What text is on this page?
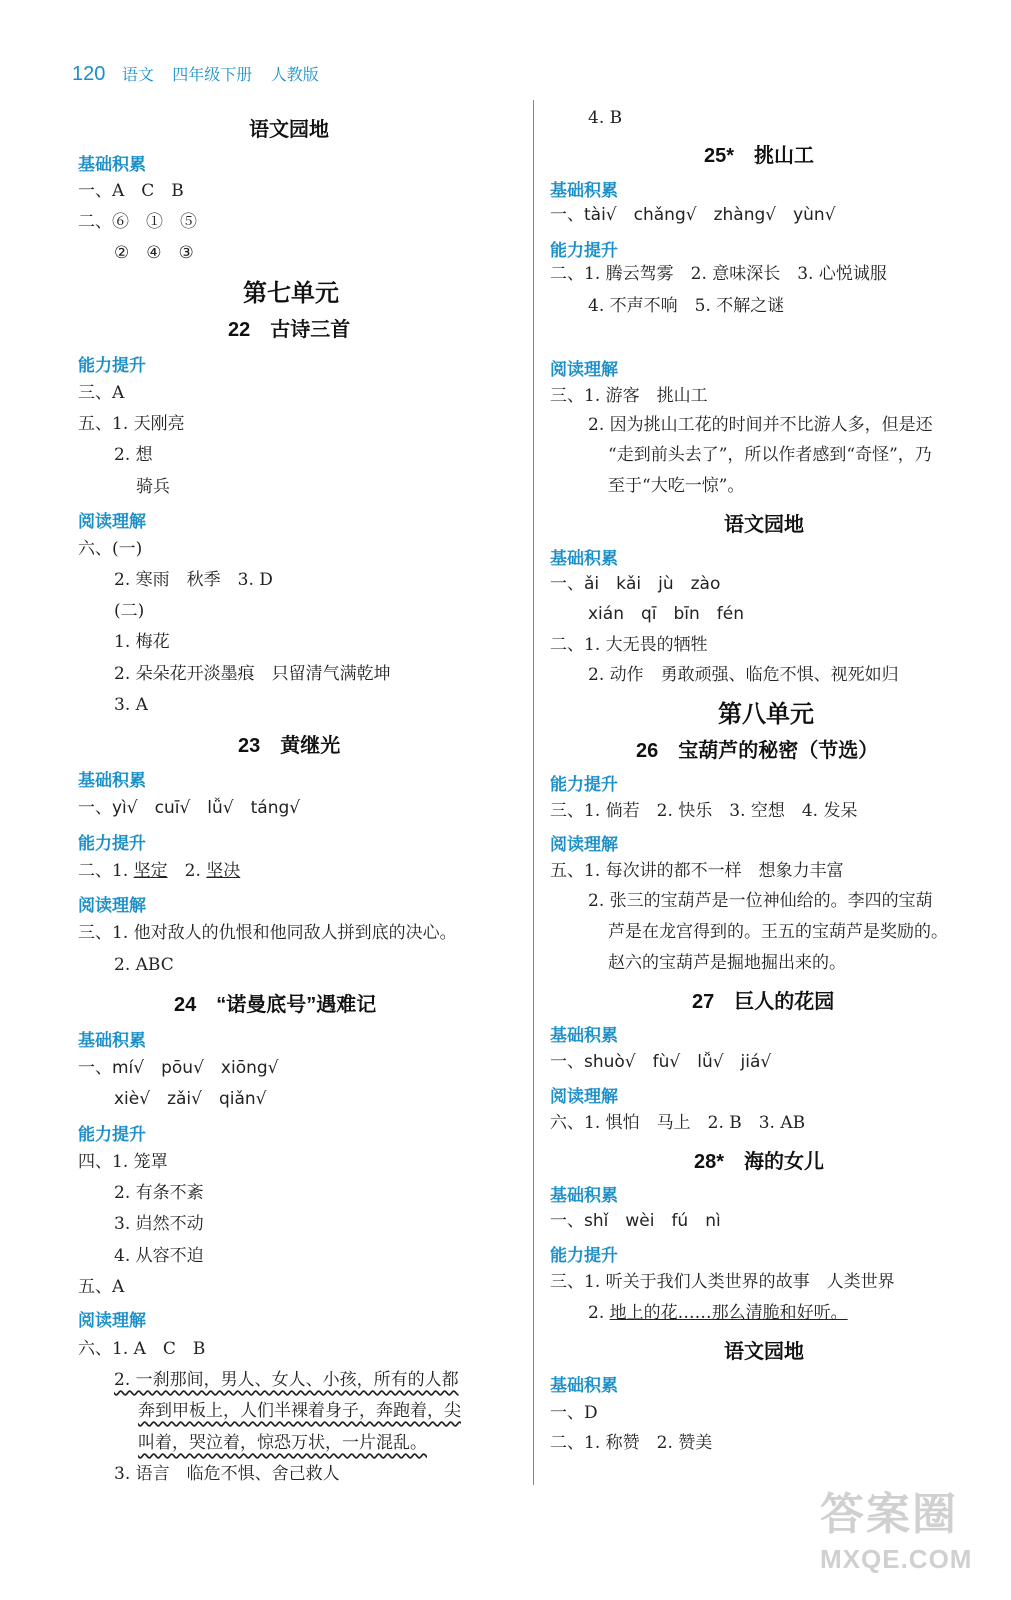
120 语文 四年级下册 人教版
语文园地
基础积累
一、A　C　B
二、⑥　①　⑤
②　④　③
第七单元
22　古诗三首
能力提升
三、A
五、1. 天刚亮
2. 想
骑兵
阅读理解
六、(一)
2. 寒雨　秋季　3. D
(二)
1. 梅花
2. 朵朵花开淡墨痕　只留清气满乾坤
3. A
23　黄继光
基础积累
一、yì√　cuī√　lǚ√　táng√
能力提升
二、1. 坚定　2. 坚决
阅读理解
三、1. 他对敌人的仇恨和他同敌人拼到底的决心。
2. ABC
24　“诺曼底号”遇难记
基础积累
一、mí√　pōu√　xiōng√
xiè√　zǎi√　qiǎn√
能力提升
四、1. 笼罩
2. 有条不紊
3. 岿然不动
4. 从容不迫
五、A
阅读理解
六、1. A　C　B
2. 一刹那间，男人、女人、小孩，所有的人都
奔到甲板上，人们半裸着身子，奔跑着，尖
叫着，哭泣着，惊恐万状，一片混乱。
3. 语言　临危不惧、舍己救人
4. B
25*　挑山工
基础积累
一、tài√　chǎng√　zhàng√　yùn√
能力提升
二、1. 腾云驾雾　2. 意味深长　3. 心悦诚服
4. 不声不响　5. 不解之谜
阅读理解
三、1. 游客　挑山工
2. 因为挑山工花的时间并不比游人多，但是还
“走到前头去了”，所以作者感到“奇怪”，乃
至于“大吃一惊”。
语文园地
基础积累
一、ǎi　kǎi　jù　zào
xián　qī　bīn　fén
二、1. 大无畏的牺牲
2. 动作　勇敢顽强、临危不惧、视死如归
第八单元
26　宝葫芦的秘密（节选）
能力提升
三、1. 倘若　2. 快乐　3. 空想　4. 发呆
阅读理解
五、1. 每次讲的都不一样　想象力丰富
2. 张三的宝葫芦是一位神仙给的。李四的宝葫
芦是在龙宫得到的。王五的宝葫芦是奖励的。
赵六的宝葫芦是掘地掘出来的。
27　巨人的花园
基础积累
一、shuò√　fù√　lǚ√　jiá√
阅读理解
六、1. 惧怕　马上　2. B　3. AB
28*　海的女儿
基础积累
一、shǐ　wèi　fú　nì
能力提升
三、1. 听关于我们人类世界的故事　人类世界
2. 地上的花……那么清脆和好听。
语文园地
基础积累
一、D
二、1. 称赞　2. 赞美
答案圈
MXQE.COM
